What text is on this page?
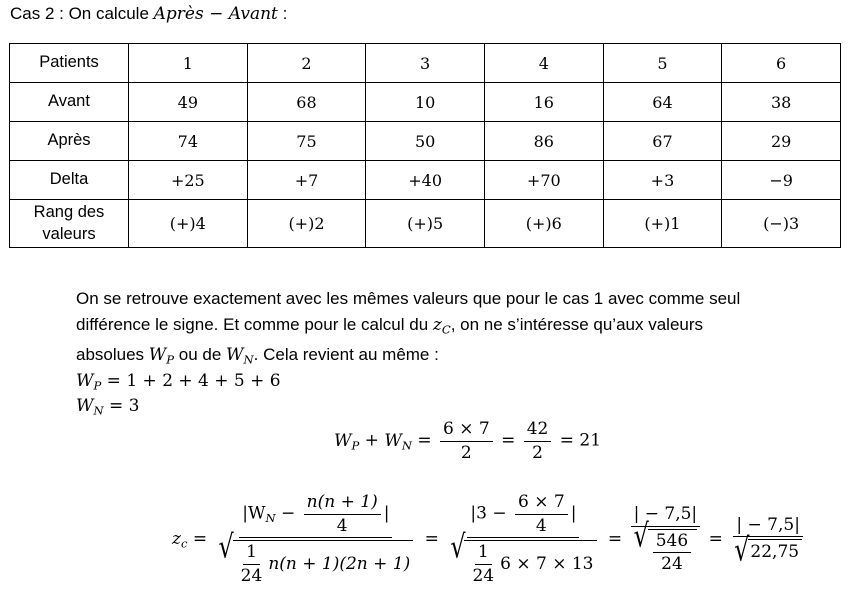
Cas 2 : On calcule Après − Avant :
Patients	1	2	3	4	5	6
Avant	49	68	10	16	64	38
Après	74	75	50	86	67	29
Delta	+25	+7	+40	+70	+3	−9
Rang des valeurs	(+)4	(+)2	(+)5	(+)6	(+)1	(−)3
On se retrouve exactement avec les mêmes valeurs que pour le cas 1 avec comme seul
différence le signe. Et comme pour le calcul du $z_C$, on ne s’intéresse qu’aux valeurs
absolues $W_P$ ou de $W_N$. Cela revient au même :
$W_P = 1 + 2 + 4 + 5 + 6$
$W_N = 3$
$W_P + W_N = \frac{6 \times 7}{2} = \frac{42}{2} = 21$
$z_c = \frac{|W_N - \frac{n(n + 1)}{4} |}{√ \frac{1}{24} n(n + 1)(2n + 1)} = \frac{|3 - \frac{6 \times 7}{4} |}{√ \frac{1}{24} 6 \times 7 \times 13} = \frac{| - 7,5|}{√ \frac{546}{24}} = \frac{| - 7,5|}{√ 22,75}$
